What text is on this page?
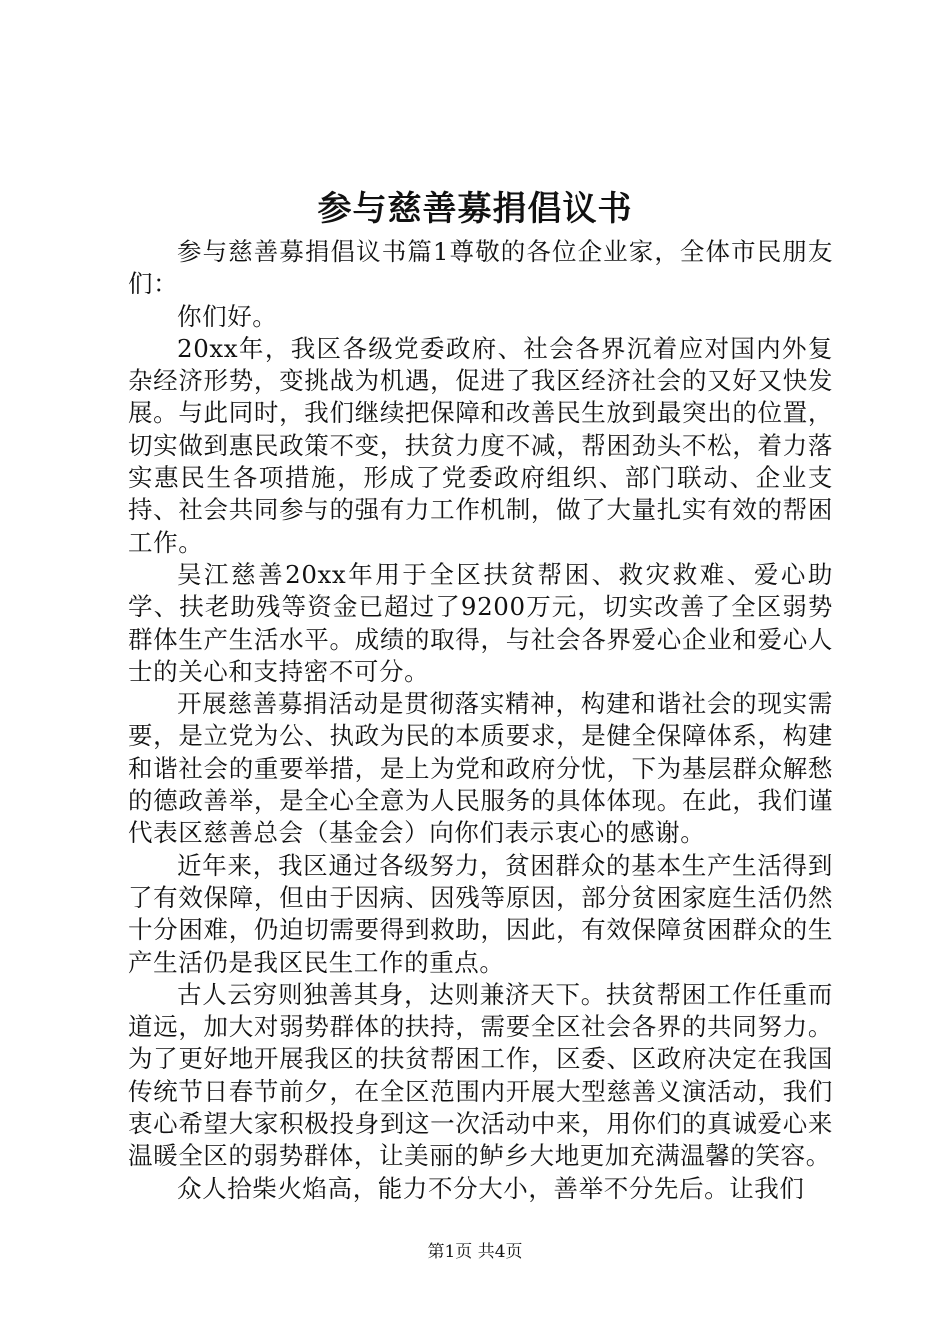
参与慈善募捐倡议书

参与慈善募捐倡议书篇1尊敬的各位企业家，全体市民朋友们：

你们好。

20xx年，我区各级党委政府、社会各界沉着应对国内外复杂经济形势，变挑战为机遇，促进了我区经济社会的又好又快发展。与此同时，我们继续把保障和改善民生放到最突出的位置，切实做到惠民政策不变，扶贫力度不减，帮困劲头不松，着力落实惠民生各项措施，形成了党委政府组织、部门联动、企业支持、社会共同参与的强有力工作机制，做了大量扎实有效的帮困工作。

吴江慈善20xx年用于全区扶贫帮困、救灾救难、爱心助学、扶老助残等资金已超过了9200万元，切实改善了全区弱势群体生产生活水平。成绩的取得，与社会各界爱心企业和爱心人士的关心和支持密不可分。

开展慈善募捐活动是贯彻落实精神，构建和谐社会的现实需要，是立党为公、执政为民的本质要求，是健全保障体系，构建和谐社会的重要举措，是上为党和政府分忧，下为基层群众解愁的德政善举，是全心全意为人民服务的具体体现。在此，我们谨代表区慈善总会（基金会）向你们表示衷心的感谢。

近年来，我区通过各级努力，贫困群众的基本生产生活得到了有效保障，但由于因病、因残等原因，部分贫困家庭生活仍然十分困难，仍迫切需要得到救助，因此，有效保障贫困群众的生产生活仍是我区民生工作的重点。

古人云穷则独善其身，达则兼济天下。扶贫帮困工作任重而道远，加大对弱势群体的扶持，需要全区社会各界的共同努力。为了更好地开展我区的扶贫帮困工作，区委、区政府决定在我国传统节日春节前夕，在全区范围内开展大型慈善义演活动，我们衷心希望大家积极投身到这一次活动中来，用你们的真诚爱心来温暖全区的弱势群体，让美丽的鲈乡大地更加充满温馨的笑容。

众人拾柴火焰高，能力不分大小，善举不分先后。让我们

第1页 共4页
